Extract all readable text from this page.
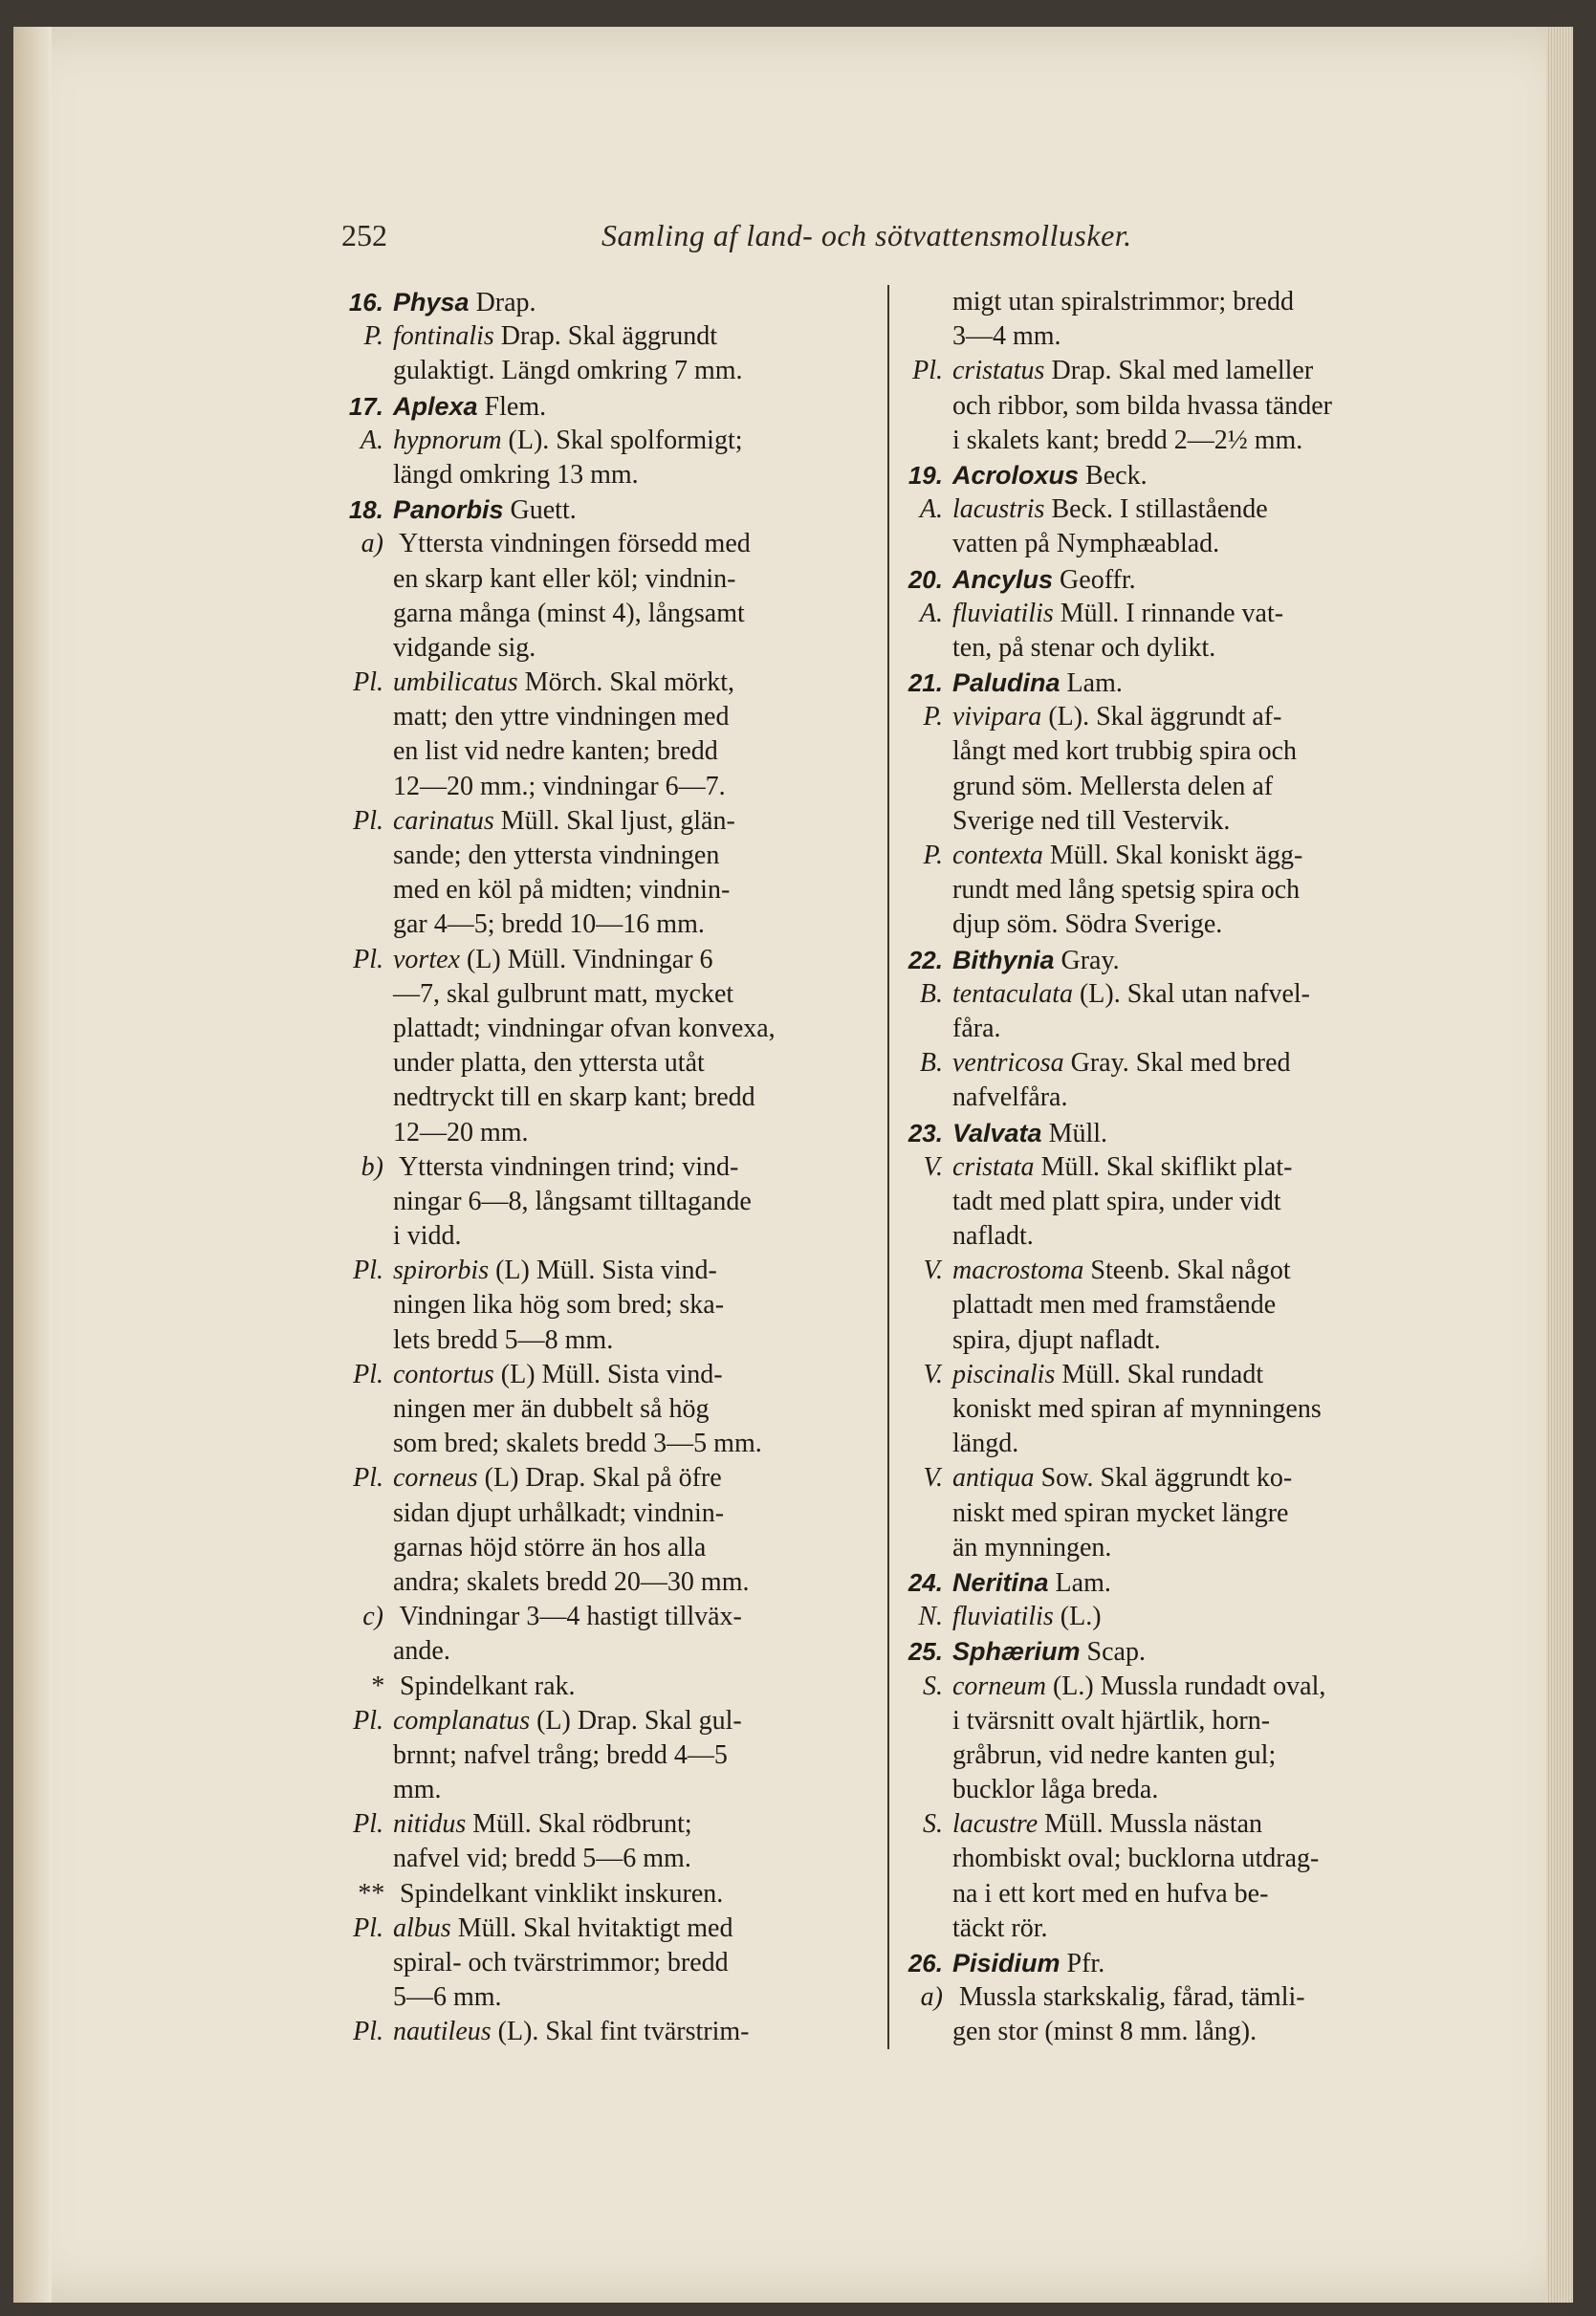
252	Samling af land- och sötvattensmollusker.
16. Physa Drap.
P. fontinalis Drap. Skal äggrundt
gulaktigt. Längd omkring 7 mm.
17. Aplexa Flem.
A. hypnorum (L). Skal spolformigt;
längd omkring 13 mm.
18. Panorbis Guett.
a) Yttersta vindningen försedd med
en skarp kant eller köl; vindnin-
garna många (minst 4), långsamt
vidgande sig.
Pl. umbilicatus Mörch. Skal mörkt,
matt; den yttre vindningen med
en list vid nedre kanten; bredd
12—20 mm.; vindningar 6—7.
Pl. carinatus Müll. Skal ljust, glän-
sande; den yttersta vindningen
med en köl på midten; vindnin-
gar 4—5; bredd 10—16 mm.
Pl. vortex (L) Müll. Vindningar 6
—7, skal gulbrunt matt, mycket
plattadt; vindningar ofvan konvexa,
under platta, den yttersta utåt
nedtryckt till en skarp kant; bredd
12—20 mm.
b) Yttersta vindningen trind; vind-
ningar 6—8, långsamt tilltagande
i vidd.
Pl. spirorbis (L) Müll. Sista vind-
ningen lika hög som bred; ska-
lets bredd 5—8 mm.
Pl. contortus (L) Müll. Sista vind-
ningen mer än dubbelt så hög
som bred; skalets bredd 3—5 mm.
Pl. corneus (L) Drap. Skal på öfre
sidan djupt urhålkadt; vindnin-
garnas höjd större än hos alla
andra; skalets bredd 20—30 mm.
c) Vindningar 3—4 hastigt tillväx-
ande.
* Spindelkant rak.
Pl. complanatus (L) Drap. Skal gul-
brnnt; nafvel trång; bredd 4—5
mm.
Pl. nitidus Müll. Skal rödbrunt;
nafvel vid; bredd 5—6 mm.
** Spindelkant vinklikt inskuren.
Pl. albus Müll. Skal hvitaktigt med
spiral- och tvärstrimmor; bredd
5—6 mm.
Pl. nautileus (L). Skal fint tvärstrim-
migt utan spiralstrimmor; bredd
3—4 mm.
Pl. cristatus Drap. Skal med lameller
och ribbor, som bilda hvassa tänder
i skalets kant; bredd 2—2½ mm.
19. Acroloxus Beck.
A. lacustris Beck. I stillastående
vatten på Nymphæablad.
20. Ancylus Geoffr.
A. fluviatilis Müll. I rinnande vat-
ten, på stenar och dylikt.
21. Paludina Lam.
P. vivipara (L). Skal äggrundt af-
långt med kort trubbig spira och
grund söm. Mellersta delen af
Sverige ned till Vestervik.
P. contexta Müll. Skal koniskt ägg-
rundt med lång spetsig spira och
djup söm. Södra Sverige.
22. Bithynia Gray.
B. tentaculata (L). Skal utan nafvel-
fåra.
B. ventricosa Gray. Skal med bred
nafvelfåra.
23. Valvata Müll.
V. cristata Müll. Skal skiflikt plat-
tadt med platt spira, under vidt
nafladt.
V. macrostoma Steenb. Skal något
plattadt men med framstående
spira, djupt nafladt.
V. piscinalis Müll. Skal rundadt
koniskt med spiran af mynningens
längd.
V. antiqua Sow. Skal äggrundt ko-
niskt med spiran mycket längre
än mynningen.
24. Neritina Lam.
N. fluviatilis (L.)
25. Sphærium Scap.
S. corneum (L.) Mussla rundadt oval,
i tvärsnitt ovalt hjärtlik, horn-
gråbrun, vid nedre kanten gul;
bucklor låga breda.
S. lacustre Müll. Mussla nästan
rhombiskt oval; bucklorna utdrag-
na i ett kort med en hufva be-
täckt rör.
26. Pisidium Pfr.
a) Mussla starkskalig, fårad, tämli-
gen stor (minst 8 mm. lång).
